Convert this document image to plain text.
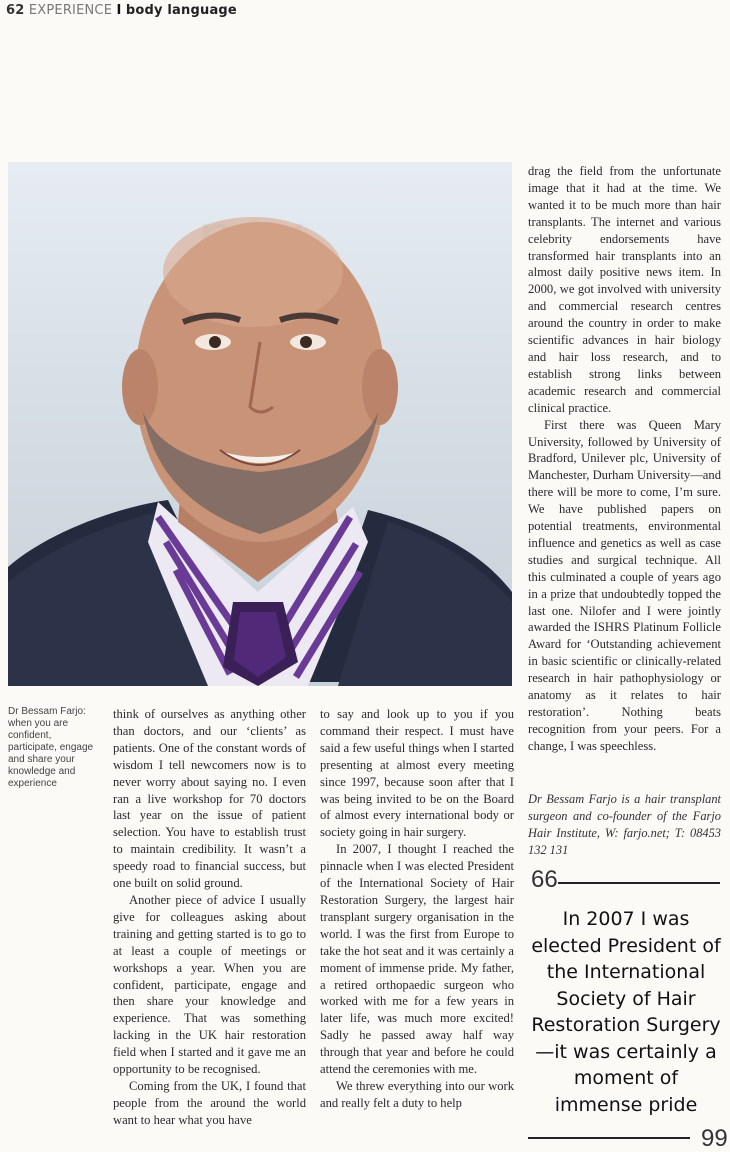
62 EXPERIENCE I body language
Dr Bessam Farjo: when you are confident, participate, engage and share your knowledge and experience

think of ourselves as anything other than doctors, and our ‘clients’ as patients. One of the constant words of wisdom I tell newcomers now is to never worry about saying no. I even ran a live workshop for 70 doctors last year on the issue of patient selection. You have to establish trust to maintain credibility. It wasn’t a speedy road to financial success, but one built on solid ground.

Another piece of advice I usually give for colleagues asking about training and getting started is to go to at least a couple of meetings or workshops a year. When you are confident, participate, engage and then share your knowledge and experience. That was something lacking in the UK hair restoration field when I started and it gave me an opportunity to be recognised.

Coming from the UK, I found that people from the around the world want to hear what you have

to say and look up to you if you command their respect. I must have said a few useful things when I started presenting at almost every meeting since 1997, because soon after that I was being invited to be on the Board of almost every international body or society going in hair surgery.

In 2007, I thought I reached the pinnacle when I was elected President of the International Society of Hair Restoration Surgery, the largest hair transplant surgery organisation in the world. I was the first from Europe to take the hot seat and it was certainly a moment of immense pride. My father, a retired orthopaedic surgeon who worked with me for a few years in later life, was much more excited! Sadly he passed away half way through that year and before he could attend the ceremonies with me.

We threw everything into our work and really felt a duty to help

drag the field from the unfortunate image that it had at the time. We wanted it to be much more than hair transplants. The internet and various celebrity endorsements have transformed hair transplants into an almost daily positive news item. In 2000, we got involved with university and commercial research centres around the country in order to make scientific advances in hair biology and hair loss research, and to establish strong links between academic research and commercial clinical practice.

First there was Queen Mary University, followed by University of Bradford, Unilever plc, University of Manchester, Durham University—and there will be more to come, I’m sure. We have published papers on potential treatments, environmental influence and genetics as well as case studies and surgical technique. All this culminated a couple of years ago in a prize that undoubtedly topped the last one. Nilofer and I were jointly awarded the ISHRS Platinum Follicle Award for ‘Outstanding achievement in basic scientific or clinically-related research in hair pathophysiology or anatomy as it relates to hair restoration’. Nothing beats recognition from your peers. For a change, I was speechless.

Dr Bessam Farjo is a hair transplant surgeon and co-founder of the Farjo Hair Institute, W: farjo.net; T: 08453 132 131
66
In 2007 I was elected President of the International Society of Hair Restoration Surgery—it was certainly a moment of immense pride
99
